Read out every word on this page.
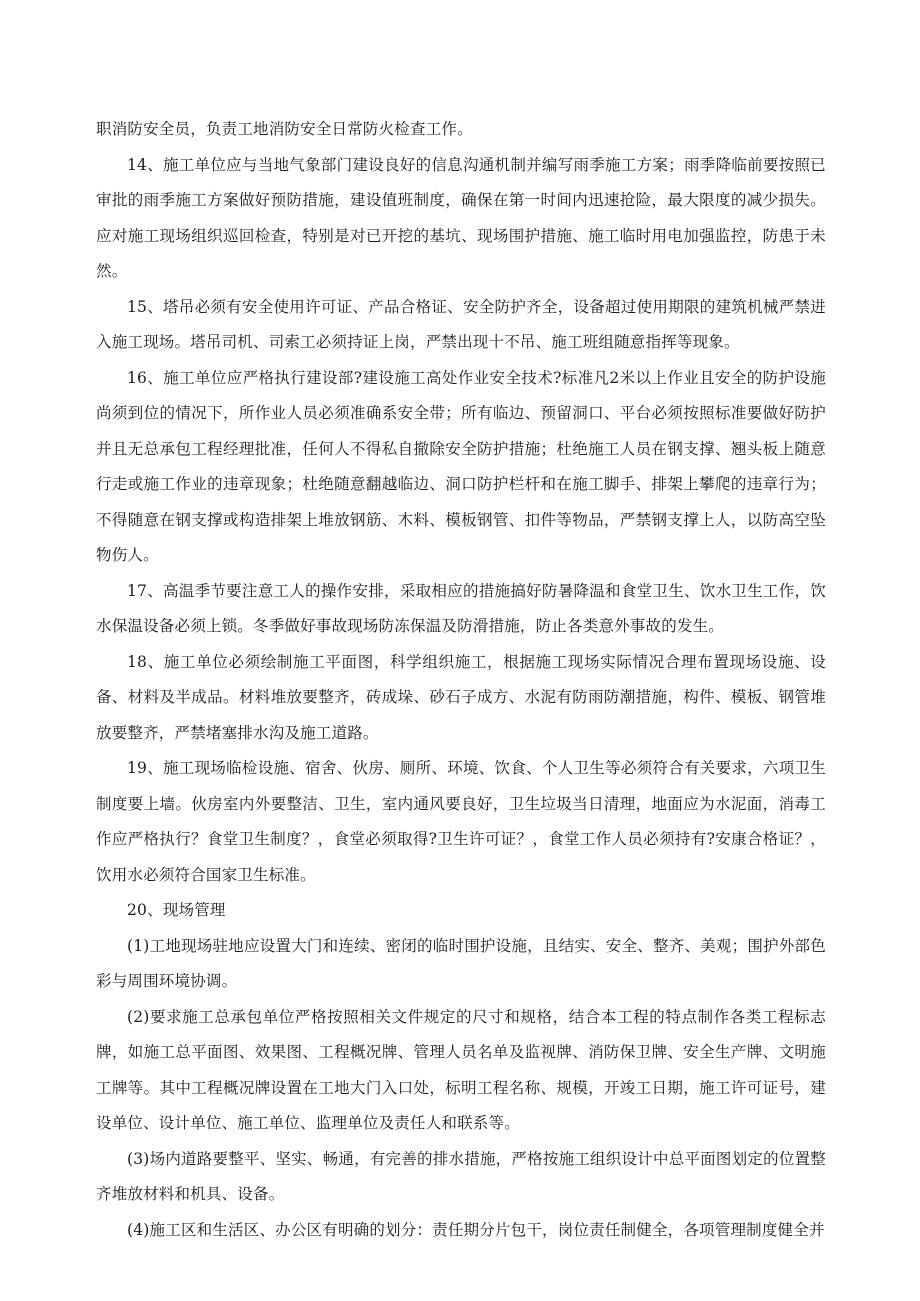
职消防安全员，负责工地消防安全日常防火检查工作。

14、施工单位应与当地气象部门建设良好的信息沟通机制并编写雨季施工方案；雨季降临前要按照已审批的雨季施工方案做好预防措施，建设值班制度，确保在第一时间内迅速抢险，最大限度的减少损失。应对施工现场组织巡回检查，特别是对已开挖的基坑、现场围护措施、施工临时用电加强监控，防患于未然。

15、塔吊必须有安全使用许可证、产品合格证、安全防护齐全，设备超过使用期限的建筑机械严禁进入施工现场。塔吊司机、司索工必须持证上岗，严禁出现十不吊、施工班组随意指挥等现象。

16、施工单位应严格执行建设部?建设施工高处作业安全技术?标准凡2米以上作业且安全的防护设施尚须到位的情况下，所作业人员必须准确系安全带；所有临边、预留洞口、平台必须按照标准要做好防护并且无总承包工程经理批准，任何人不得私自撤除安全防护措施；杜绝施工人员在钢支撑、翘头板上随意行走或施工作业的违章现象；杜绝随意翻越临边、洞口防护栏杆和在施工脚手、排架上攀爬的违章行为；不得随意在钢支撑或构造排架上堆放钢筋、木料、模板钢管、扣件等物品，严禁钢支撑上人，以防高空坠物伤人。

17、高温季节要注意工人的操作安排，采取相应的措施搞好防暑降温和食堂卫生、饮水卫生工作，饮水保温设备必须上锁。冬季做好事故现场防冻保温及防滑措施，防止各类意外事故的发生。

18、施工单位必须绘制施工平面图，科学组织施工，根据施工现场实际情况合理布置现场设施、设备、材料及半成品。材料堆放要整齐，砖成垛、砂石子成方、水泥有防雨防潮措施，构件、模板、钢管堆放要整齐，严禁堵塞排水沟及施工道路。

19、施工现场临检设施、宿舍、伙房、厕所、环境、饮食、个人卫生等必须符合有关要求，六项卫生制度要上墙。伙房室内外要整洁、卫生，室内通风要良好，卫生垃圾当日清理，地面应为水泥面，消毒工作应严格执行？食堂卫生制度？，食堂必须取得?卫生许可证？，食堂工作人员必须持有?安康合格证？，饮用水必须符合国家卫生标准。

20、现场管理

(1)工地现场驻地应设置大门和连续、密闭的临时围护设施，且结实、安全、整齐、美观；围护外部色彩与周围环境协调。

(2)要求施工总承包单位严格按照相关文件规定的尺寸和规格，结合本工程的特点制作各类工程标志牌，如施工总平面图、效果图、工程概况牌、管理人员名单及监视牌、消防保卫牌、安全生产牌、文明施工牌等。其中工程概况牌设置在工地大门入口处，标明工程名称、规模，开竣工日期，施工许可证号，建设单位、设计单位、施工单位、监理单位及责任人和联系等。

(3)场内道路要整平、坚实、畅通，有完善的排水措施，严格按施工组织设计中总平面图划定的位置整齐堆放材料和机具、设备。

(4)施工区和生活区、办公区有明确的划分：责任期分片包干，岗位责任制健全，各项管理制度健全并
